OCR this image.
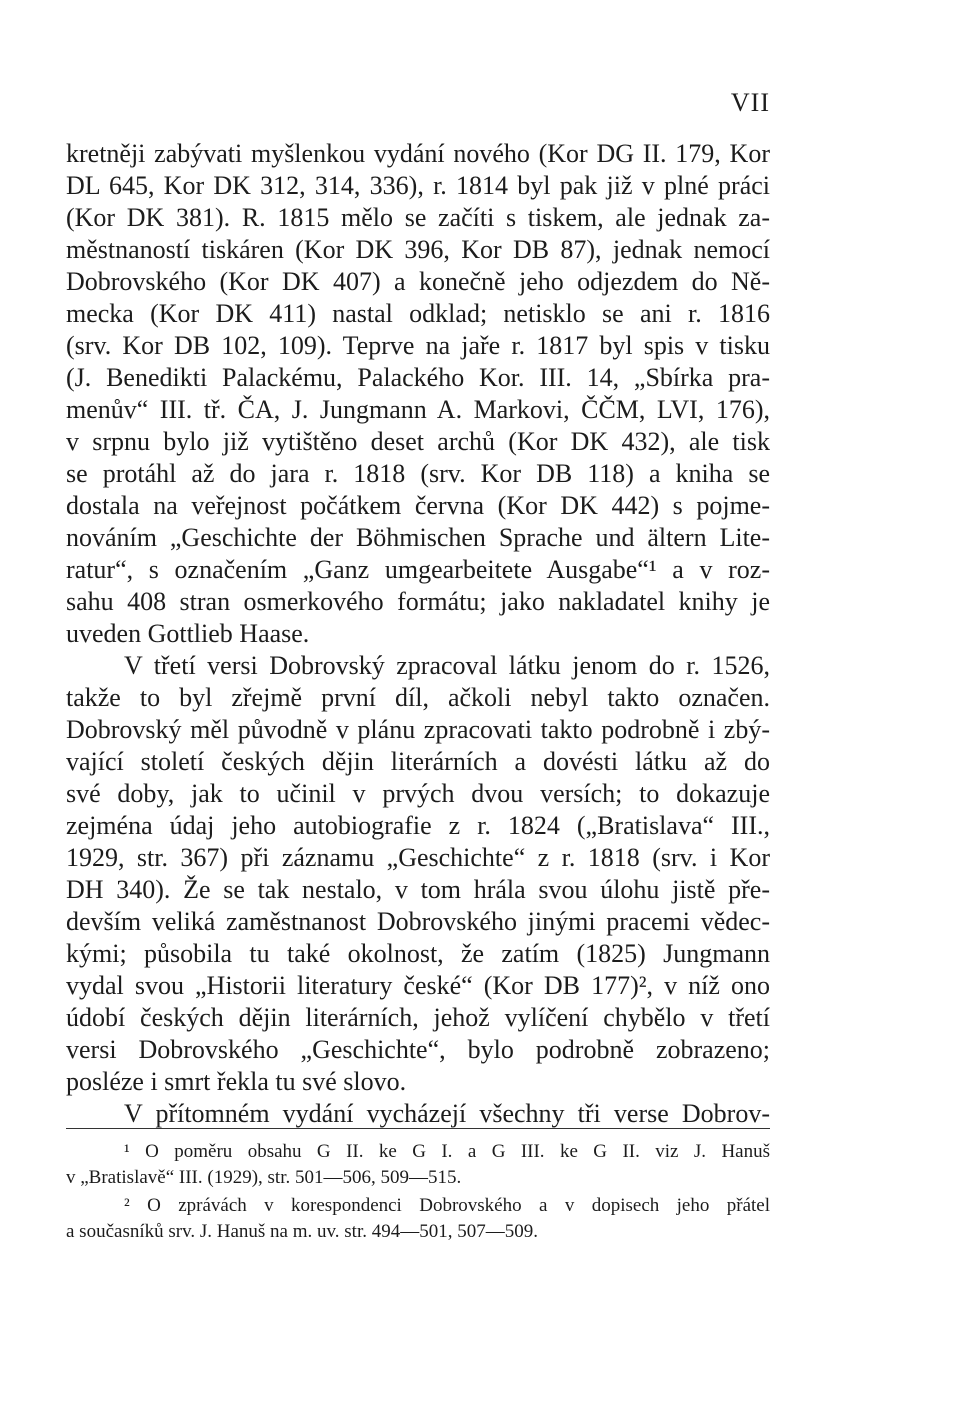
VII
kretněji zabývati myšlenkou vydání nového (Kor DG II. 179, Kor
DL 645, Kor DK 312, 314, 336), r. 1814 byl pak již v plné práci
(Kor DK 381). R. 1815 mělo se začíti s tiskem, ale jednak za-
městnaností tiskáren (Kor DK 396, Kor DB 87), jednak nemocí
Dobrovského (Kor DK 407) a konečně jeho odjezdem do Ně-
mecka (Kor DK 411) nastal odklad; netisklo se ani r. 1816
(srv. Kor DB 102, 109). Teprve na jaře r. 1817 byl spis v tisku
(J. Benedikti Palackému, Palackého Kor. III. 14, „Sbírka pra-
menův“ III. tř. ČA, J. Jungmann A. Markovi, ČČM, LVI, 176),
v srpnu bylo již vytištěno deset archů (Kor DK 432), ale tisk
se protáhl až do jara r. 1818 (srv. Kor DB 118) a kniha se
dostala na veřejnost počátkem června (Kor DK 442) s pojme-
nováním „Geschichte der Böhmischen Sprache und ältern Lite-
ratur“, s označením „Ganz umgearbeitete Ausgabe“¹ a v roz-
sahu 408 stran osmerkového formátu; jako nakladatel knihy je
uveden Gottlieb Haase.
V třetí versi Dobrovský zpracoval látku jenom do r. 1526,
takže to byl zřejmě první díl, ačkoli nebyl takto označen.
Dobrovský měl původně v plánu zpracovati takto podrobně i zbý-
vající století českých dějin literárních a dovésti látku až do
své doby, jak to učinil v prvých dvou versích; to dokazuje
zejména údaj jeho autobiografie z r. 1824 („Bratislava“ III.,
1929, str. 367) při záznamu „Geschichte“ z r. 1818 (srv. i Kor
DH 340). Že se tak nestalo, v tom hrála svou úlohu jistě pře-
devším veliká zaměstnanost Dobrovského jinými pracemi vědec-
kými; působila tu také okolnost, že zatím (1825) Jungmann
vydal svou „Historii literatury české“ (Kor DB 177)², v níž ono
údobí českých dějin literárních, jehož vylíčení chybělo v třetí
versi Dobrovského „Geschichte“, bylo podrobně zobrazeno;
posléze i smrt řekla tu své slovo.
V přítomném vydání vycházejí všechny tři verse Dobrov-
¹ O poměru obsahu G II. ke G I. a G III. ke G II. viz J. Hanuš
v „Bratislavě“ III. (1929), str. 501—506, 509—515.
² O zprávách v korespondenci Dobrovského a v dopisech jeho přátel
a současníků srv. J. Hanuš na m. uv. str. 494—501, 507—509.
